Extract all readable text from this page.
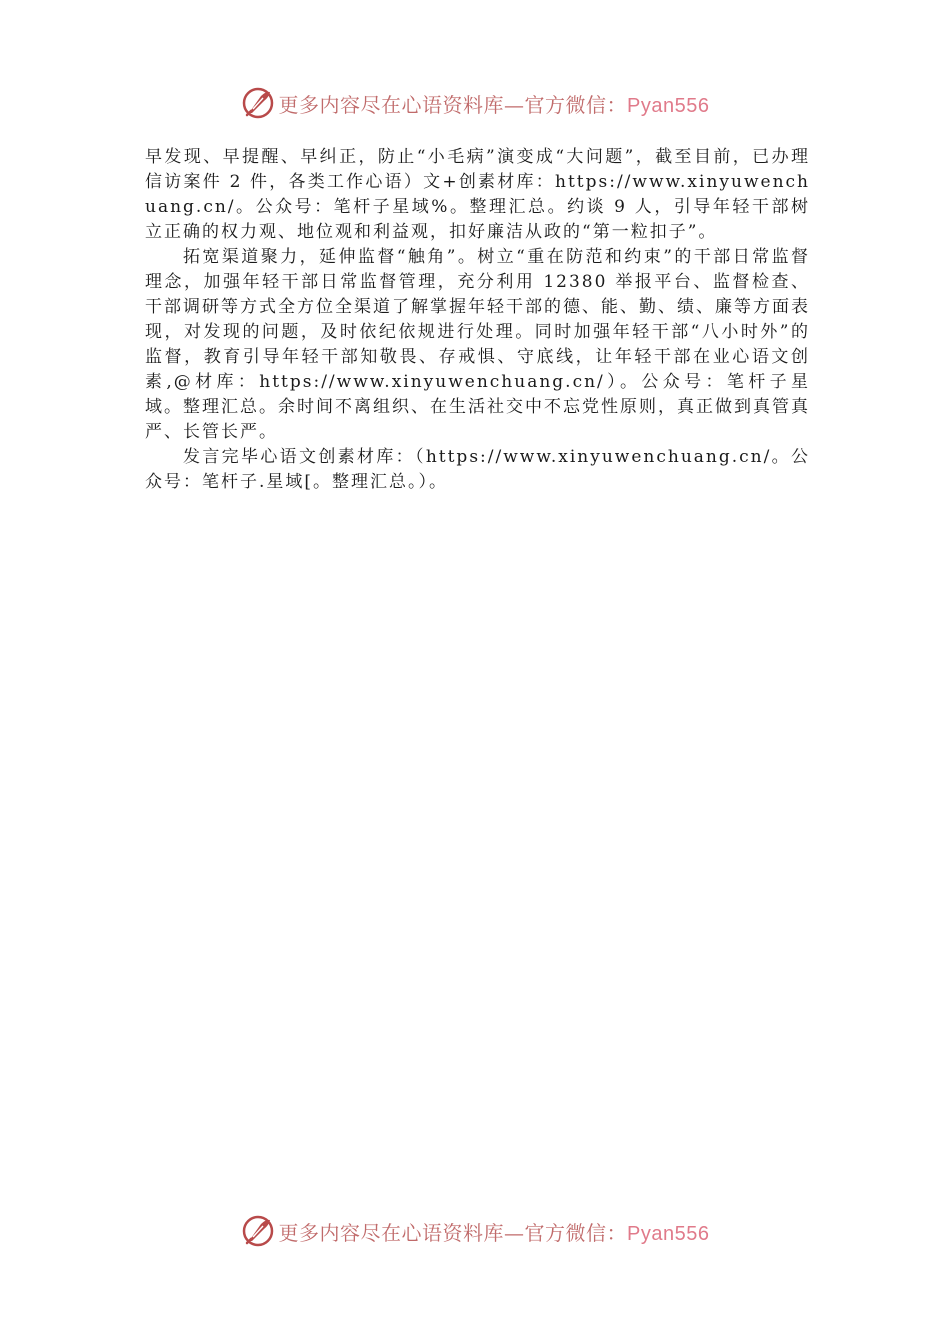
更多内容尽在心语资料库—官方微信：Pyan556

早发现、早提醒、早纠正，防止“小毛病”演变成“大问题”，截至目前，已办理信访案件 2 件，各类工作心语）文+创素材库：https://www.xinyuwenchuang.cn/。公众号：笔杆子星域%。整理汇总。约谈 9 人，引导年轻干部树立正确的权力观、地位观和利益观，扣好廉洁从政的“第一粒扣子”。

拓宽渠道聚力，延伸监督“触角”。树立“重在防范和约束”的干部日常监督理念，加强年轻干部日常监督管理，充分利用 12380 举报平台、监督检查、干部调研等方式全方位全渠道了解掌握年轻干部的德、能、勤、绩、廉等方面表现，对发现的问题，及时依纪依规进行处理。同时加强年轻干部“八小时外”的监督，教育引导年轻干部知敬畏、存戒惧、守底线，让年轻干部在业心语文创素,@材库：https://www.xinyuwenchuang.cn/）。公众号：笔杆子星域。整理汇总。余时间不离组织、在生活社交中不忘党性原则，真正做到真管真严、长管长严。

发言完毕心语文创素材库：（https://www.xinyuwenchuang.cn/。公众号：笔杆子.星域[。整理汇总。）。

更多内容尽在心语资料库—官方微信：Pyan556
